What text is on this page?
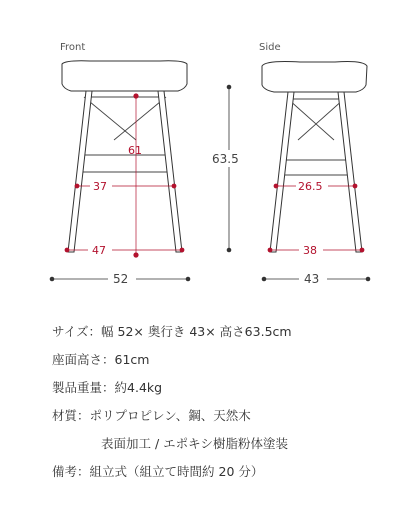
Front
61
37
47
52
63.5
Side
26.5
38
43
サイズ ： 幅 52× 奥行き 43× 高さ63.5cm
座面高さ ： 61cm
製品重量 ： 約4.4kg
材質 ： ポリプロピレン、鋼、天然木
表面加工 / エポキシ樹脂粉体塗装
備考 ： 組立式（組立て時間約 20 分）
